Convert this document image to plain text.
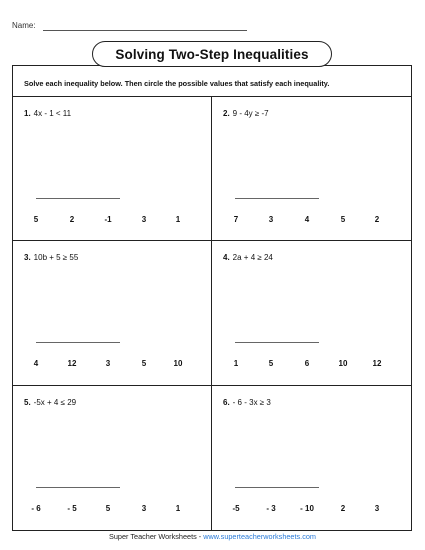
Name:
Solving Two-Step Inequalities
Solve each inequality below. Then circle the possible values that satisfy each inequality.
1. 4x - 1 < 11
5	2	-1	3	1
2. 9 - 4y ≥ -7
7	3	4	5	2
3. 10b + 5 ≥ 55
4	12	3	5	10
4. 2a + 4 ≥ 24
1	5	6	10	12
5. -5x + 4 ≤ 29
- 6	- 5	5	3	1
6. - 6 - 3x ≥ 3
-5	- 3	- 10	2	3
Super Teacher Worksheets - www.superteacherworksheets.com
